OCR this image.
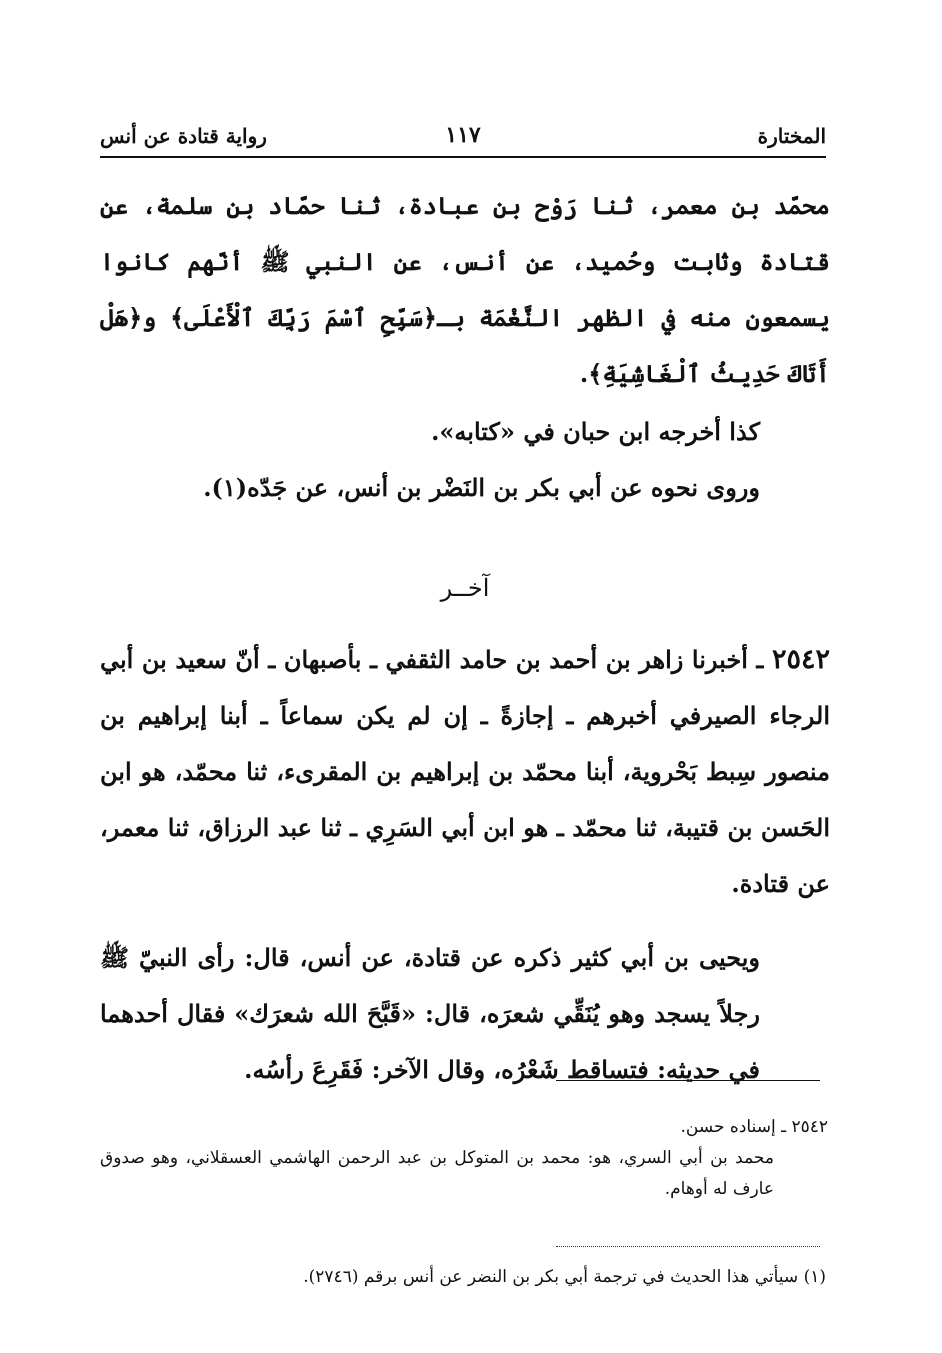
المختارة
١١٧
رواية قتادة عن أنس

محمّد بن معمر، ثنا رَوْح بن عبادة، ثنا حمّاد بن سلمة، عن قتادة وثابت وحُميد، عن أنس، عن النبي ﷺ أنّهم كانوا يسمعون منه في الظهر النَّغْمَة بـ﴿سَبِّحِ ٱسْمَ رَبِّكَ ٱلْأَعْلَى﴾ و﴿هَلْ أَتَاكَ حَدِيثُ ٱلْغَاشِيَةِ﴾.

كذا أخرجه ابن حبان في «كتابه».

وروى نحوه عن أبي بكر بن النَضْر بن أنس، عن جَدّه(١).

آخــر

٢٥٤٢ ـ أخبرنا زاهر بن أحمد بن حامد الثقفي ـ بأصبهان ـ أنّ سعيد بن أبي الرجاء الصيرفي أخبرهم ـ إجازةً ـ إن لم يكن سماعاً ـ أبنا إبراهيم بن منصور سِبط بَحْروية، أبنا محمّد بن إبراهيم بن المقرىء، ثنا محمّد، هو ابن الحَسن بن قتيبة، ثنا محمّد ـ هو ابن أبي السَرِي ـ ثنا عبد الرزاق، ثنا معمر، عن قتادة.

ويحيى بن أبي كثير ذكره عن قتادة، عن أنس، قال: رأى النبيّ ﷺ رجلاً يسجد وهو يُنَقِّي شعرَه، قال: «قَبَّحَ الله شعرَك» فقال أحدهما في حديثه: فتساقط شَعْرُه، وقال الآخر: فَقَرِعَ رأسُه.

٢٥٤٢ ـ إسناده حسن.

محمد بن أبي السري، هو: محمد بن المتوكل بن عبد الرحمن الهاشمي العسقلاني، وهو صدوق عارف له أوهام.

(١) سيأتي هذا الحديث في ترجمة أبي بكر بن النضر عن أنس برقم (٢٧٤٦).
